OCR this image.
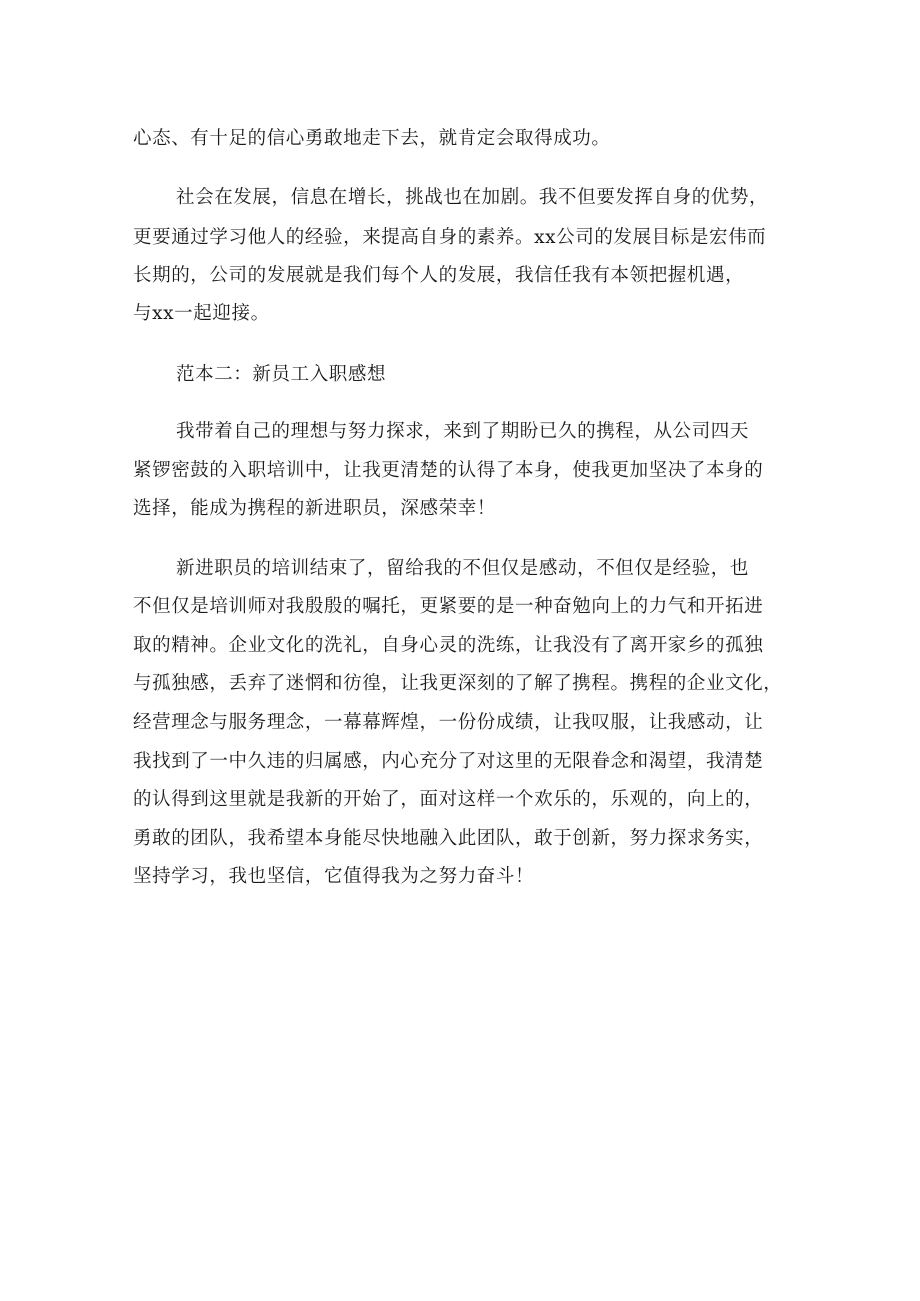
心态、有十足的信心勇敢地走下去，就肯定会取得成功。

社会在发展，信息在增长，挑战也在加剧。我不但要发挥自身的优势，

更要通过学习他人的经验，来提高自身的素养。xx公司的发展目标是宏伟而

长期的，公司的发展就是我们每个人的发展，我信任我有本领把握机遇，

与xx一起迎接。

范本二：新员工入职感想

我带着自己的理想与努力探求，来到了期盼已久的携程，从公司四天

紧锣密鼓的入职培训中，让我更清楚的认得了本身，使我更加坚决了本身的

选择，能成为携程的新进职员，深感荣幸！

新进职员的培训结束了，留给我的不但仅是感动，不但仅是经验，也

不但仅是培训师对我殷殷的嘱托，更紧要的是一种奋勉向上的力气和开拓进

取的精神。企业文化的洗礼，自身心灵的洗练，让我没有了离开家乡的孤独

与孤独感，丢弃了迷惘和彷徨，让我更深刻的了解了携程。携程的企业文化，

经营理念与服务理念，一幕幕辉煌，一份份成绩，让我叹服，让我感动，让

我找到了一中久违的归属感，内心充分了对这里的无限眷念和渴望，我清楚

的认得到这里就是我新的开始了，面对这样一个欢乐的，乐观的，向上的，

勇敢的团队，我希望本身能尽快地融入此团队，敢于创新，努力探求务实，

坚持学习，我也坚信，它值得我为之努力奋斗！
